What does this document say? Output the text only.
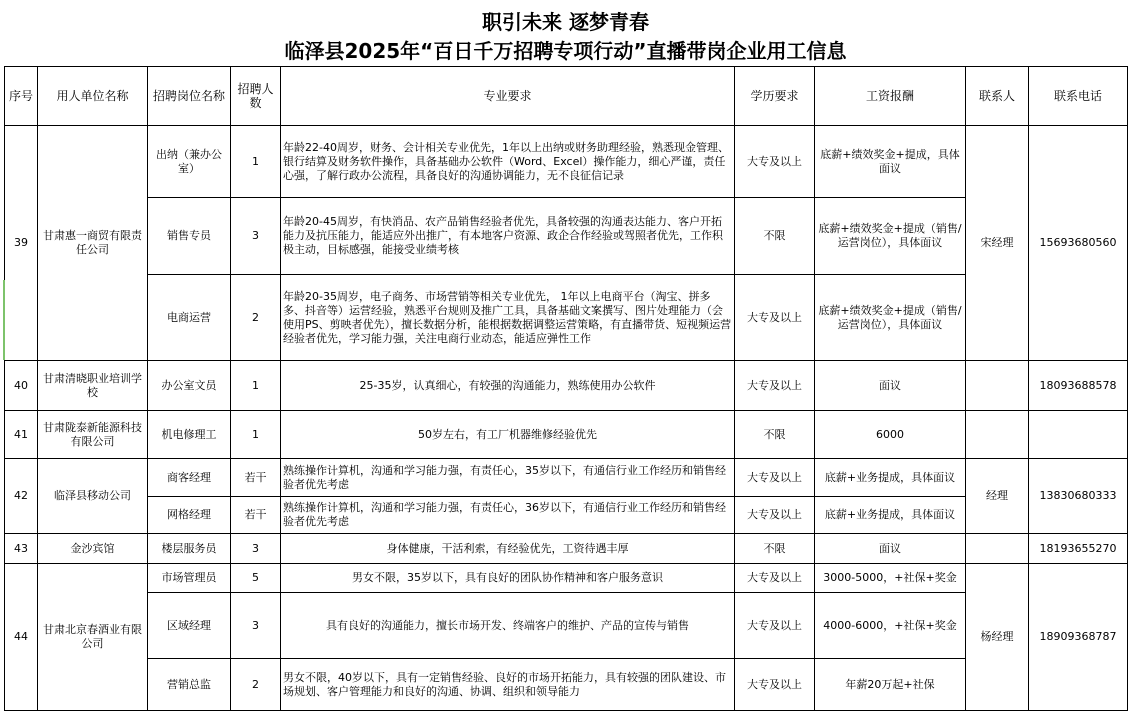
职引未来 逐梦青春
临泽县2025年“百日千万招聘专项行动”直播带岗企业用工信息
序号	用人单位名称	招聘岗位名称	招聘人数	专业要求	学历要求	工资报酬	联系人	联系电话
39	甘肃惠一商贸有限责任公司	出纳（兼办公室）	1	年龄22-40周岁，财务、会计相关专业优先，1年以上出纳或财务助理经验，熟悉现金管理、银行结算及财务软件操作，具备基础办公软件（Word、Excel）操作能力，细心严谨，责任心强，了解行政办公流程，具备良好的沟通协调能力，无不良征信记录	大专及以上	底薪+绩效奖金+提成，具体面议	宋经理	15693680560
		销售专员	3	年龄20-45周岁，有快消品、农产品销售经验者优先，具备较强的沟通表达能力、客户开拓能力及抗压能力，能适应外出推广，有本地客户资源、政企合作经验或驾照者优先，工作积极主动，目标感强，能接受业绩考核	不限	底薪+绩效奖金+提成（销售/运营岗位），具体面议		
		电商运营	2	年龄20-35周岁，电子商务、市场营销等相关专业优先， 1年以上电商平台（淘宝、拼多多、抖音等）运营经验，熟悉平台规则及推广工具，具备基础文案撰写、图片处理能力（会使用PS、剪映者优先），擅长数据分析，能根据数据调整运营策略，有直播带货、短视频运营经验者优先，学习能力强，关注电商行业动态，能适应弹性工作	大专及以上	底薪+绩效奖金+提成（销售/运营岗位），具体面议		
40	甘肃清晓职业培训学校	办公室文员	1	25-35岁，认真细心，有较强的沟通能力，熟练使用办公软件	大专及以上	面议		18093688578
41	甘肃陇泰新能源科技有限公司	机电修理工	1	50岁左右，有工厂机器维修经验优先	不限	6000		
42	临泽县移动公司	商客经理	若干	熟练操作计算机，沟通和学习能力强，有责任心，35岁以下，有通信行业工作经历和销售经验者优先考虑	大专及以上	底薪+业务提成，具体面议	经理	13830680333
		网格经理	若干	熟练操作计算机，沟通和学习能力强，有责任心，36岁以下，有通信行业工作经历和销售经验者优先考虑	大专及以上	底薪+业务提成，具体面议		
43	金沙宾馆	楼层服务员	3	身体健康，干活利索，有经验优先，工资待遇丰厚	不限	面议		18193655270
44	甘肃北京春酒业有限公司	市场管理员	5	男女不限，35岁以下，具有良好的团队协作精神和客户服务意识	大专及以上	3000-5000，+社保+奖金	杨经理	18909368787
		区域经理	3	具有良好的沟通能力，擅长市场开发、终端客户的维护、产品的宣传与销售	大专及以上	4000-6000，+社保+奖金		
		营销总监	2	男女不限，40岁以下，具有一定销售经验、良好的市场开拓能力，具有较强的团队建设、市场规划、客户管理能力和良好的沟通、协调、组织和领导能力	大专及以上	年薪20万起+社保		
